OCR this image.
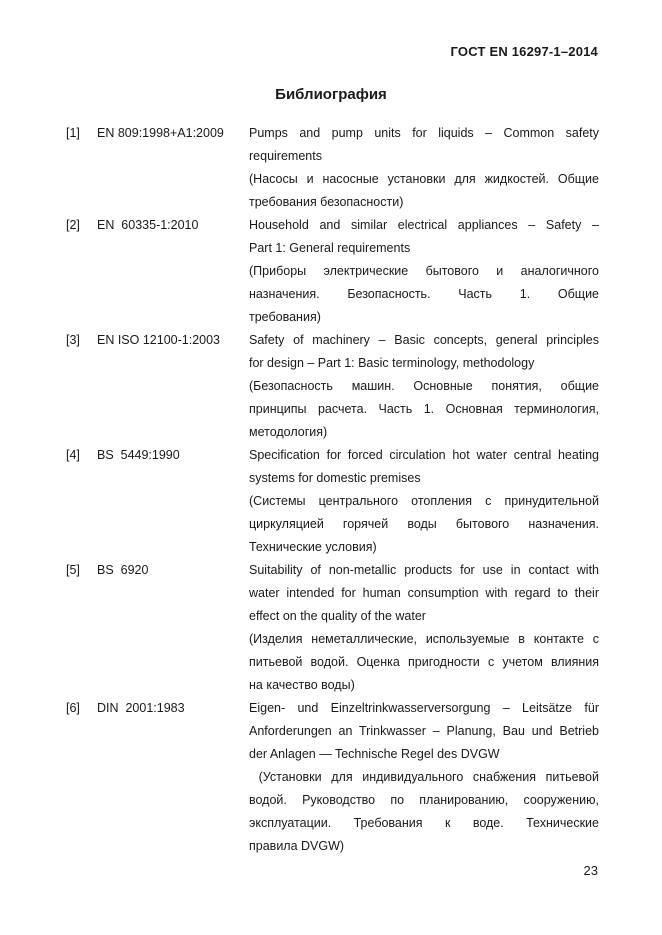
ГОСТ EN 16297-1–2014
Библиография
[1] EN 809:1998+A1:2009 Pumps and pump units for liquids – Common safety
requirements
(Насосы и насосные установки для жидкостей. Общие
требования безопасности)
[2] EN  60335-1:2010	Household and similar electrical appliances – Safety –
Part 1: General requirements
(Приборы электрические бытового и аналогичного
назначения. Безопасность. Часть 1. Общие
требования)
[3] EN ISO 12100-1:2003 Safety of machinery – Basic concepts, general principles
for design – Part 1: Basic terminology, methodology
(Безопасность машин. Основные понятия, общие
принципы расчета. Часть 1. Основная терминология,
методология)
[4] BS  5449:1990	Specification for forced circulation hot water central heating
systems for domestic premises
(Системы центрального отопления с принудительной
циркуляцией горячей воды бытового назначения.
Технические условия)
[5] BS  6920	Suitability of non-metallic products for use in contact with
water intended for human consumption with regard to their
effect on the quality of the water
(Изделия неметаллические, используемые в контакте с
питьевой водой. Оценка пригодности с учетом влияния
на качество воды)
[6] DIN  2001:1983	Eigen- und Einzeltrinkwasserversorgung – Leitsätze für
Anforderungen an Trinkwasser – Planung, Bau und Betrieb
der Anlagen — Technische Regel des DVGW
(Установки для индивидуального снабжения питьевой
водой. Руководство по планированию, сооружению,
эксплуатации. Требования к воде. Технические
правила DVGW)
23
